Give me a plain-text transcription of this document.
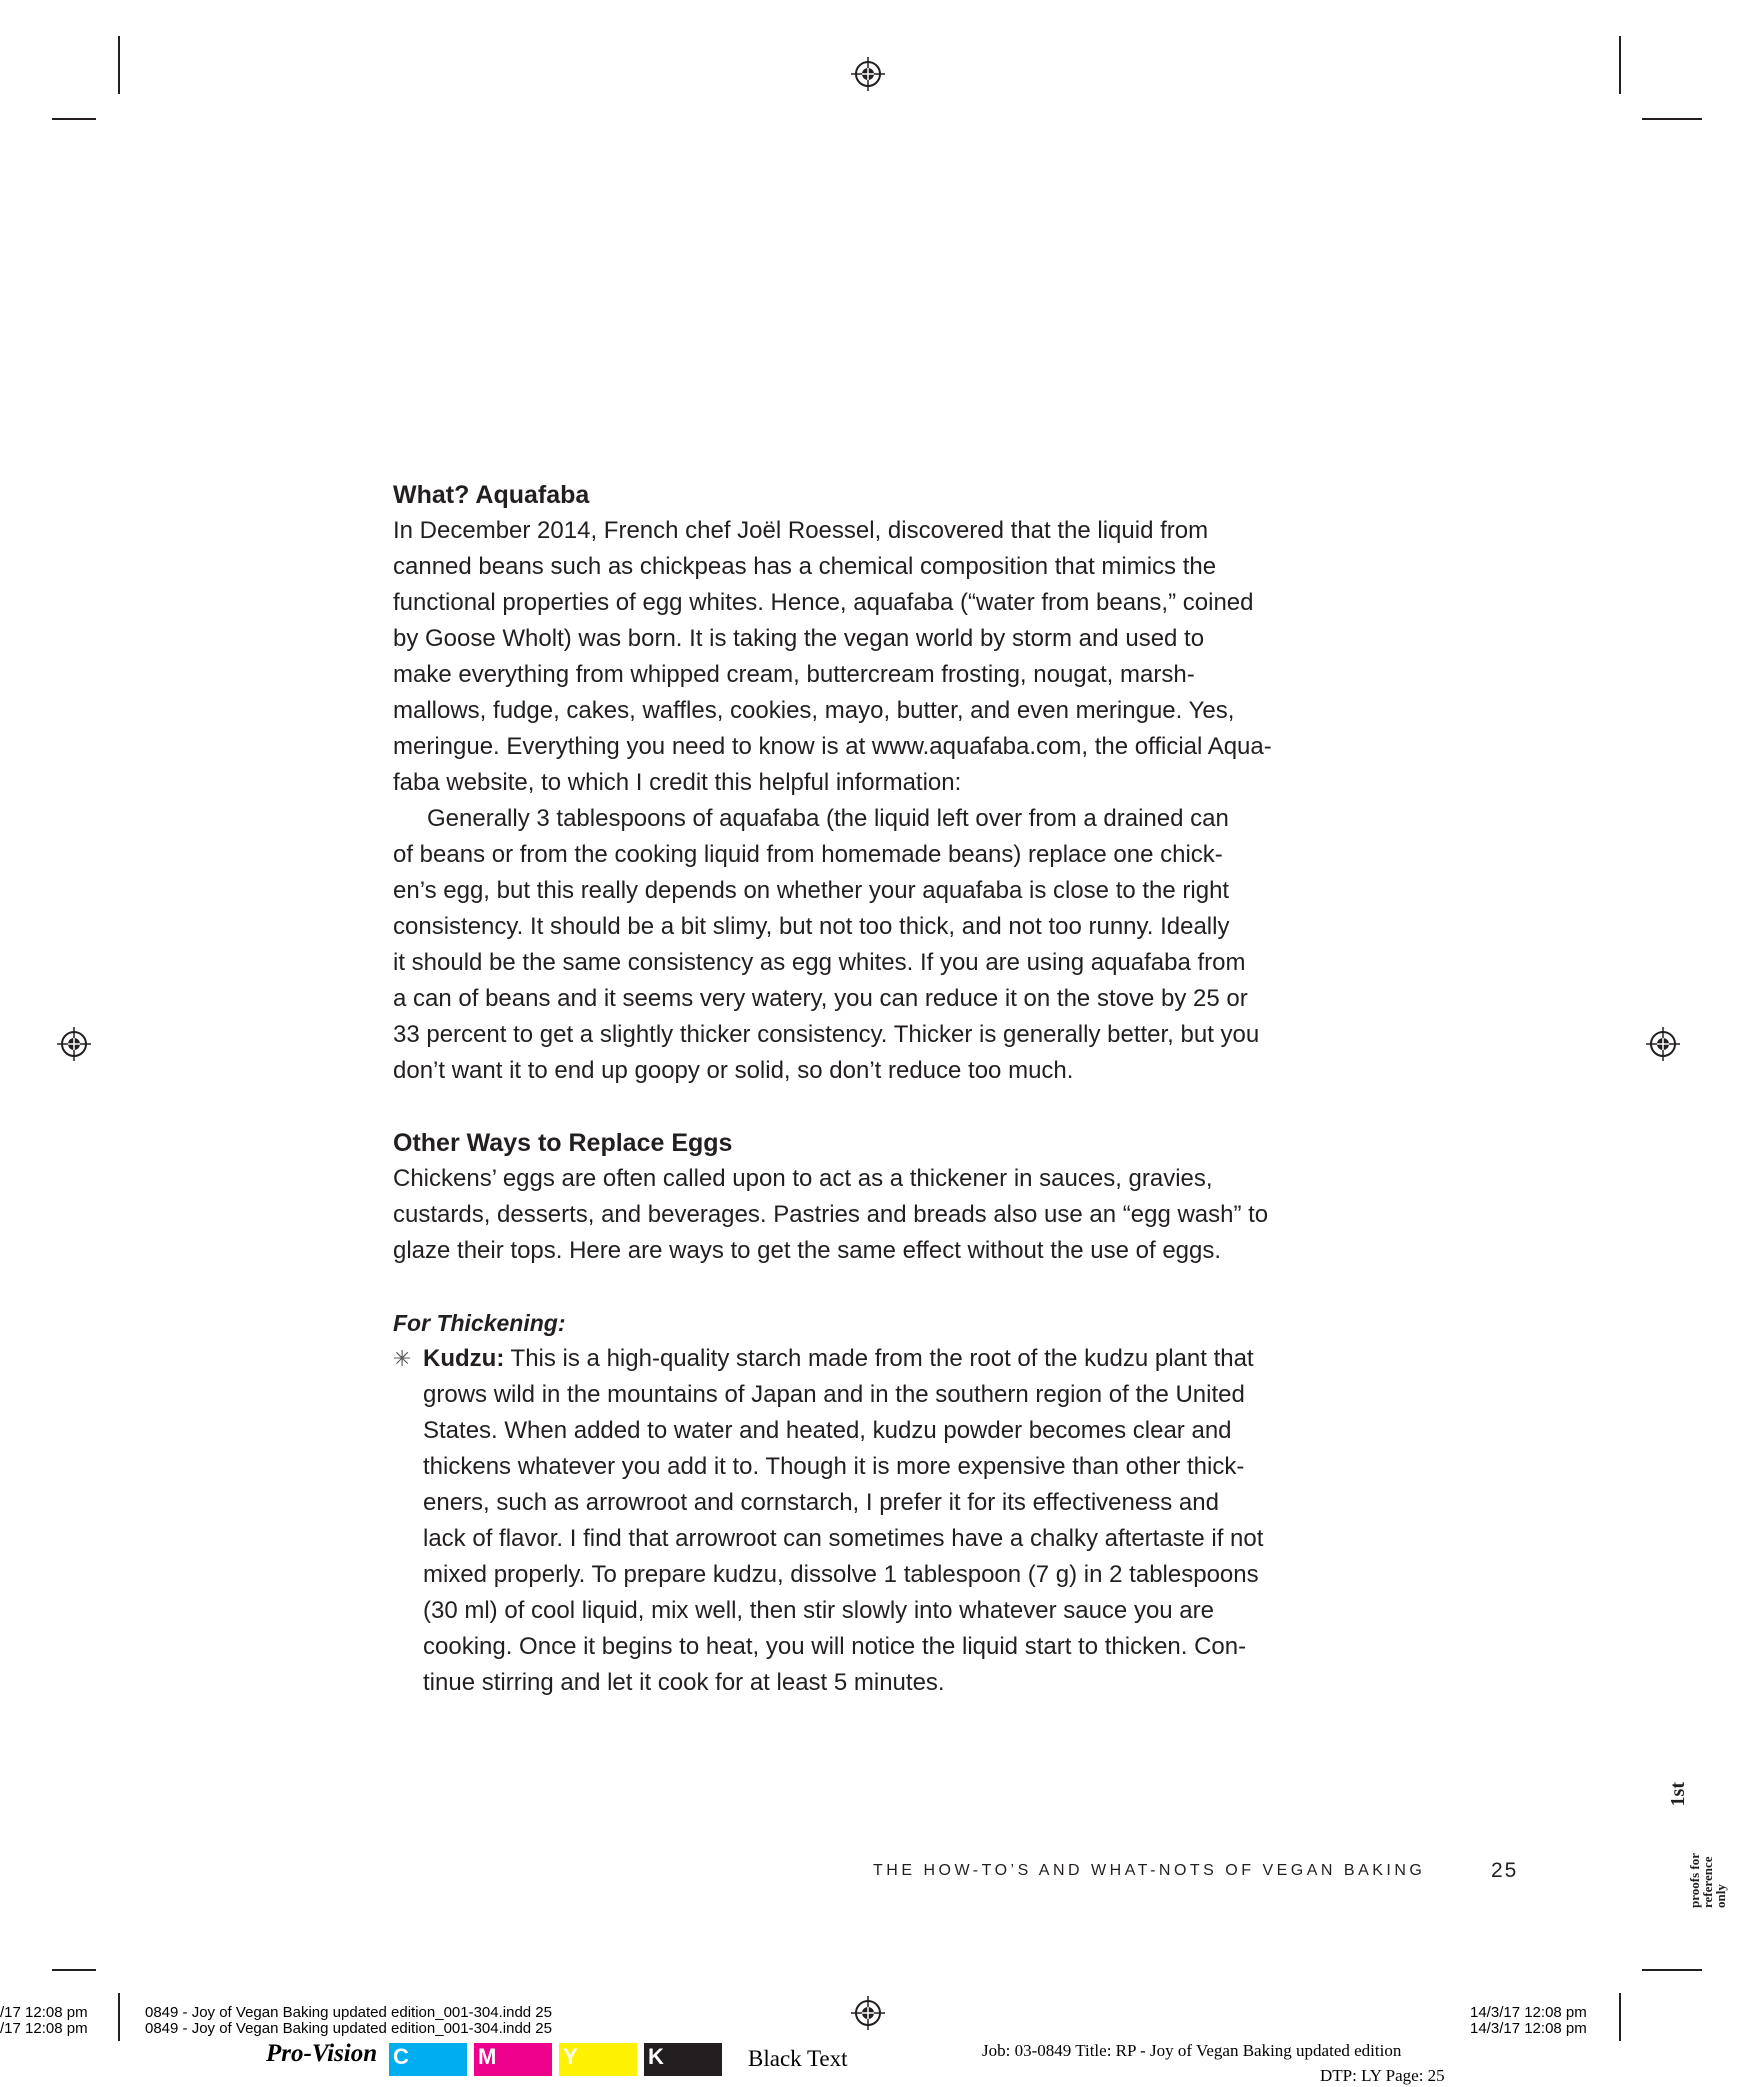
What? Aquafaba

In December 2014, French chef Joël Roessel, discovered that the liquid from

canned beans such as chickpeas has a chemical composition that mimics the

functional properties of egg whites. Hence, aquafaba (“water from beans,” coined

by Goose Wholt) was born. It is taking the vegan world by storm and used to

make everything from whipped cream, buttercream frosting, nougat, marsh-

mallows, fudge, cakes, waffles, cookies, mayo, butter, and even meringue. Yes,

meringue. Everything you need to know is at www.aquafaba.com, the official Aqua-

faba website, to which I credit this helpful information:

Generally 3 tablespoons of aquafaba (the liquid left over from a drained can

of beans or from the cooking liquid from homemade beans) replace one chick-

en’s egg, but this really depends on whether your aquafaba is close to the right

consistency. It should be a bit slimy, but not too thick, and not too runny. Ideally

it should be the same consistency as egg whites. If you are using aquafaba from

a can of beans and it seems very watery, you can reduce it on the stove by 25 or

33 percent to get a slightly thicker consistency. Thicker is generally better, but you

don’t want it to end up goopy or solid, so don’t reduce too much.

Other Ways to Replace Eggs

Chickens’ eggs are often called upon to act as a thickener in sauces, gravies,

custards, desserts, and beverages. Pastries and breads also use an “egg wash” to

glaze their tops. Here are ways to get the same effect without the use of eggs.

For Thickening:

✳ Kudzu: This is a high-quality starch made from the root of the kudzu plant that
grows wild in the mountains of Japan and in the southern region of the United
States. When added to water and heated, kudzu powder becomes clear and
thickens whatever you add it to. Though it is more expensive than other thick-
eners, such as arrowroot and cornstarch, I prefer it for its effectiveness and
lack of flavor. I find that arrowroot can sometimes have a chalky aftertaste if not
mixed properly. To prepare kudzu, dissolve 1 tablespoon (7 g) in 2 tablespoons
(30 ml) of cool liquid, mix well, then stir slowly into whatever sauce you are
cooking. Once it begins to heat, you will notice the liquid start to thicken. Con-
tinue stirring and let it cook for at least 5 minutes.
THE HOW-TO’S AND WHAT-NOTS OF VEGAN BAKING	25
1st
proofs for
reference
only
/17 12:08 pm
/17 12:08 pm
0849 - Joy of Vegan Baking updated edition_001-304.indd 25
0849 - Joy of Vegan Baking updated edition_001-304.indd 25
14/3/17 12:08 pm
14/3/17 12:08 pm
Pro-Vision C	M	Y	K	Black Text	Job: 03-0849 Title: RP - Joy of Vegan Baking updated edition
DTP: LY Page: 25
